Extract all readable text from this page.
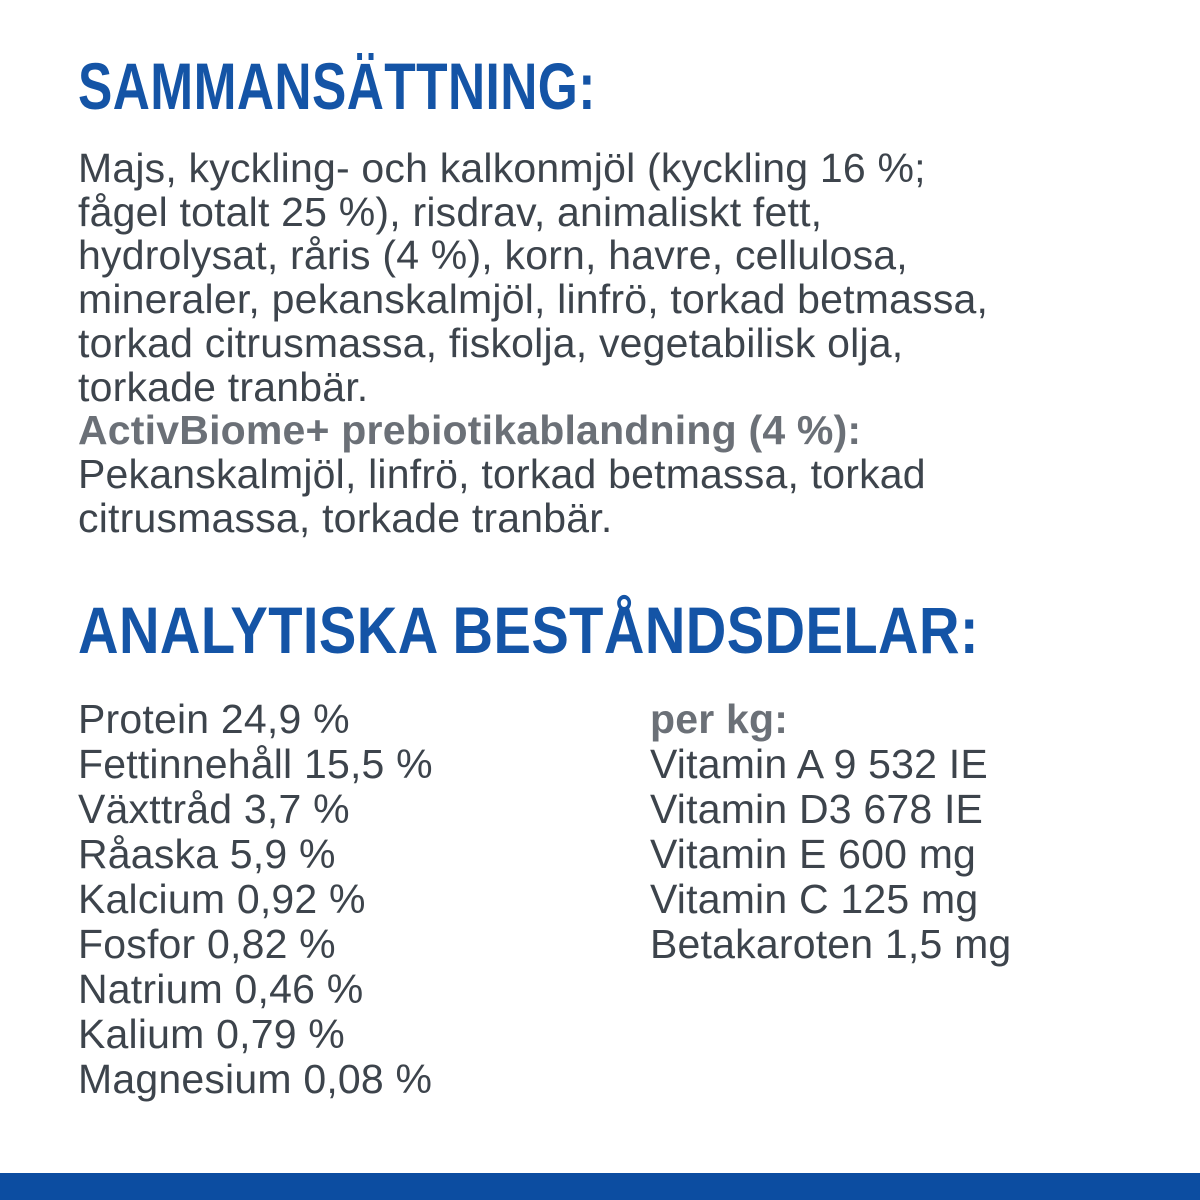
SAMMANSÄTTNING:
Majs, kyckling- och kalkonmjöl (kyckling 16 %;
fågel totalt 25 %), risdrav, animaliskt fett,
hydrolysat, råris (4 %), korn, havre, cellulosa,
mineraler, pekanskalmjöl, linfrö, torkad betmassa,
torkad citrusmassa, fiskolja, vegetabilisk olja,
torkade tranbär.
ActivBiome+ prebiotikablandning (4 %):
Pekanskalmjöl, linfrö, torkad betmassa, torkad
citrusmassa, torkade tranbär.
ANALYTISKA BESTÅNDSDELAR:
Protein 24,9 %
Fettinnehåll 15,5 %
Växttråd 3,7 %
Råaska 5,9 %
Kalcium 0,92 %
Fosfor 0,82 %
Natrium 0,46 %
Kalium 0,79 %
Magnesium 0,08 %
per kg:
Vitamin A 9 532 IE
Vitamin D3 678 IE
Vitamin E 600 mg
Vitamin C 125 mg
Betakaroten 1,5 mg
